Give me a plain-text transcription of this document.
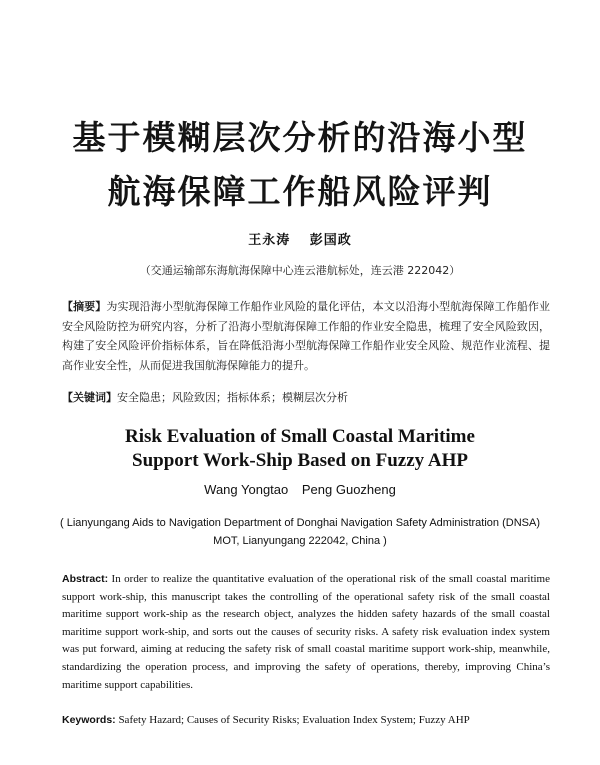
基于模糊层次分析的沿海小型
航海保障工作船风险评判
王永涛 彭国政
（交通运输部东海航海保障中心连云港航标处，连云港 222042）
【摘要】为实现沿海小型航海保障工作船作业风险的量化评估，本文以沿海小型航海保障工作船作业安全风险防控为研究内容，分析了沿海小型航海保障工作船的作业安全隐患，梳理了安全风险致因，构建了安全风险评价指标体系，旨在降低沿海小型航海保障工作船作业安全风险、规范作业流程、提高作业安全性，从而促进我国航海保障能力的提升。
【关键词】安全隐患；风险致因；指标体系；模糊层次分析
Risk Evaluation of Small Coastal Maritime
Support Work-Ship Based on Fuzzy AHP
Wang Yongtao Peng Guozheng
( Lianyungang Aids to Navigation Department of Donghai Navigation Safety Administration (DNSA) MOT, Lianyungang 222042, China )
Abstract: In order to realize the quantitative evaluation of the operational risk of the small coastal maritime support work-ship, this manuscript takes the controlling of the operational safety risk of the small coastal maritime support work-ship as the research object, analyzes the hidden safety hazards of the small coastal maritime support work-ship, and sorts out the causes of security risks. A safety risk evaluation index system was put forward, aiming at reducing the safety risk of small coastal maritime support work-ship, meanwhile, standardizing the operation process, and improving the safety of operations, thereby, improving China’s maritime support capabilities.
Keywords: Safety Hazard; Causes of Security Risks; Evaluation Index System; Fuzzy AHP
